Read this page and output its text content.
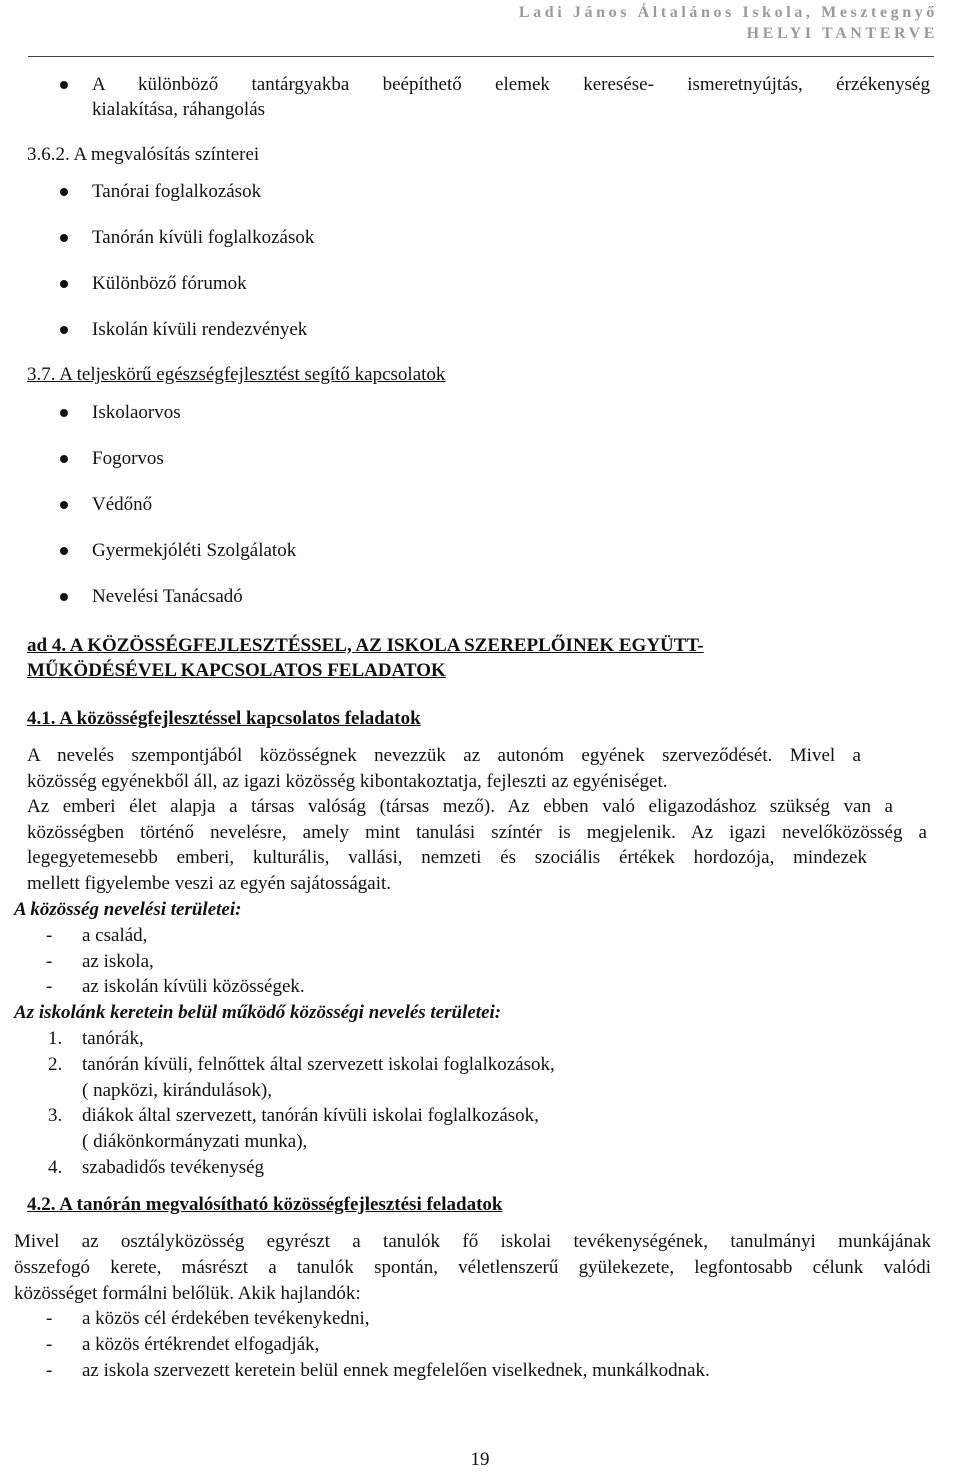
Ladi János Általános Iskola, Mesztegnyő
HELYI TANTERVE
A különböző tantárgyakba beépíthető elemek keresése- ismeretnyújtás, érzékenység
kialakítása, ráhangolás
3.6.2. A megvalósítás színterei
Tanórai foglalkozások
Tanórán kívüli foglalkozások
Különböző fórumok
Iskolán kívüli rendezvények
3.7. A teljeskörű egészségfejlesztést segítő kapcsolatok
Iskolaorvos
Fogorvos
Védőnő
Gyermekjóléti Szolgálatok
Nevelési Tanácsadó
ad 4. A KÖZÖSSÉGFEJLESZTÉSSEL, AZ ISKOLA SZEREPLŐINEK EGYÜTT-
MŰKÖDÉSÉVEL KAPCSOLATOS FELADATOK
4.1. A közösségfejlesztéssel kapcsolatos feladatok
A nevelés szempontjából közösségnek nevezzük az autonóm egyének szerveződését. Mivel a
közösség egyénekből áll, az igazi közösség kibontakoztatja, fejleszti az egyéniséget.
Az emberi élet alapja a társas valóság (társas mező). Az ebben való eligazodáshoz szükség van a
közösségben történő nevelésre, amely mint tanulási színtér is megjelenik. Az igazi nevelőközösség a
legegyetemesebb emberi, kulturális, vallási, nemzeti és szociális értékek hordozója, mindezek
mellett figyelembe veszi az egyén sajátosságait.
A közösség nevelési területei:
- a család,
- az iskola,
- az iskolán kívüli közösségek.
Az iskolánk keretein belül működő közösségi nevelés területei:
1. tanórák,
2. tanórán kívüli, felnőttek által szervezett iskolai foglalkozások,
( napközi, kirándulások),
3. diákok által szervezett, tanórán kívüli iskolai foglalkozások,
( diákönkormányzati munka),
4. szabadidős tevékenység
4.2. A tanórán megvalósítható közösségfejlesztési feladatok
Mivel az osztályközösség egyrészt a tanulók fő iskolai tevékenységének, tanulmányi munkájának
összefogó kerete, másrészt a tanulók spontán, véletlenszerű gyülekezete, legfontosabb célunk valódi
közösséget formálni belőlük. Akik hajlandók:
- a közös cél érdekében tevékenykedni,
- a közös értékrendet elfogadják,
- az iskola szervezett keretein belül ennek megfelelően viselkednek, munkálkodnak.
19
